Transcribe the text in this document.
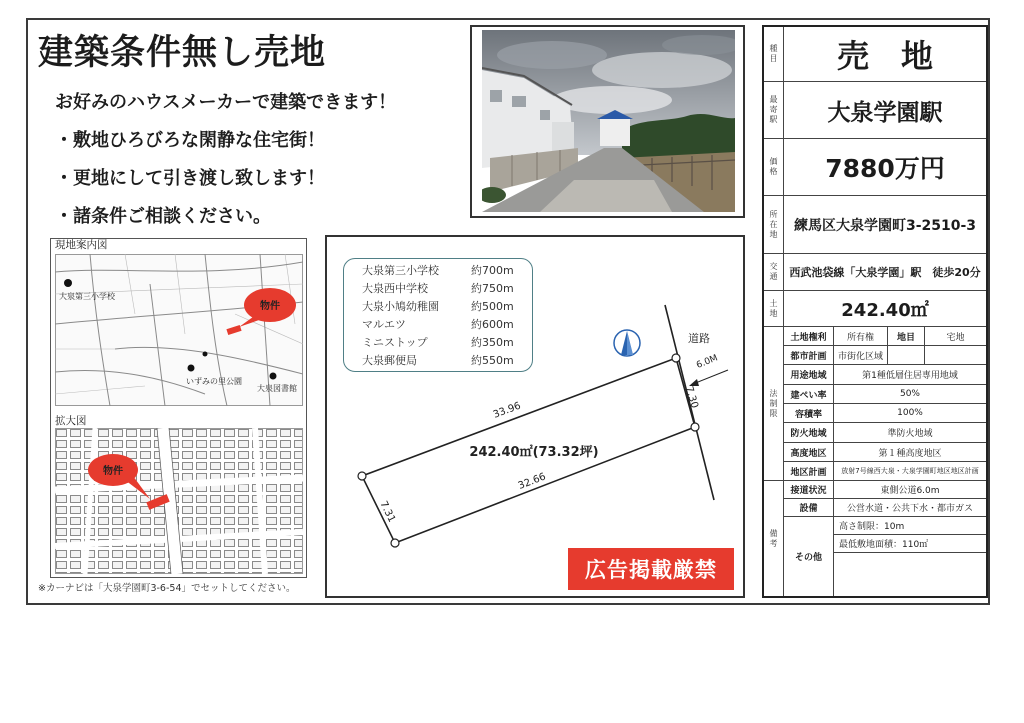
建築条件無し売地
お好みのハウスメーカーで建築できます！
・敷地ひろびろな閑静な住宅街！
・更地にして引き渡し致します！
・諸条件ご相談ください。
現地案内図
大泉第三小学校
いずみの里公園
大泉図書館
物件
拡大図
物件
※カーナビは「大泉学園町3-6-54」でセットしてください。
6.0M
道路
33.96
7.30
32.66
7.31
242.40㎡(73.32坪)
大泉第三小学校	約700m
大泉西中学校	約750m
大泉小鳩幼稚園	約500m
マルエツ	約600m
ミニストップ	約350m
大泉郵便局	約550m
広告掲載厳禁
種目	売　地
最寄駅	大泉学園駅
価格	7880万円
所在地	練馬区大泉学園町3-2510-3
交通	西武池袋線「大泉学園」駅　徒歩20分
土地	242.40㎡
法制限
土地権利	所有権	地目	宅地
都市計画	市街化区域
用途地域	第1種低層住居専用地域
建ぺい率	50%
容積率	100%
防火地域	準防火地域
高度地区	第１種高度地区
地区計画	放射7号線西大泉・大泉学園町地区地区計画
備考
接道状況	東側公道6.0m
設備	公営水道・公共下水・都市ガス
その他
高さ制限：10m
最低敷地面積：110㎡
